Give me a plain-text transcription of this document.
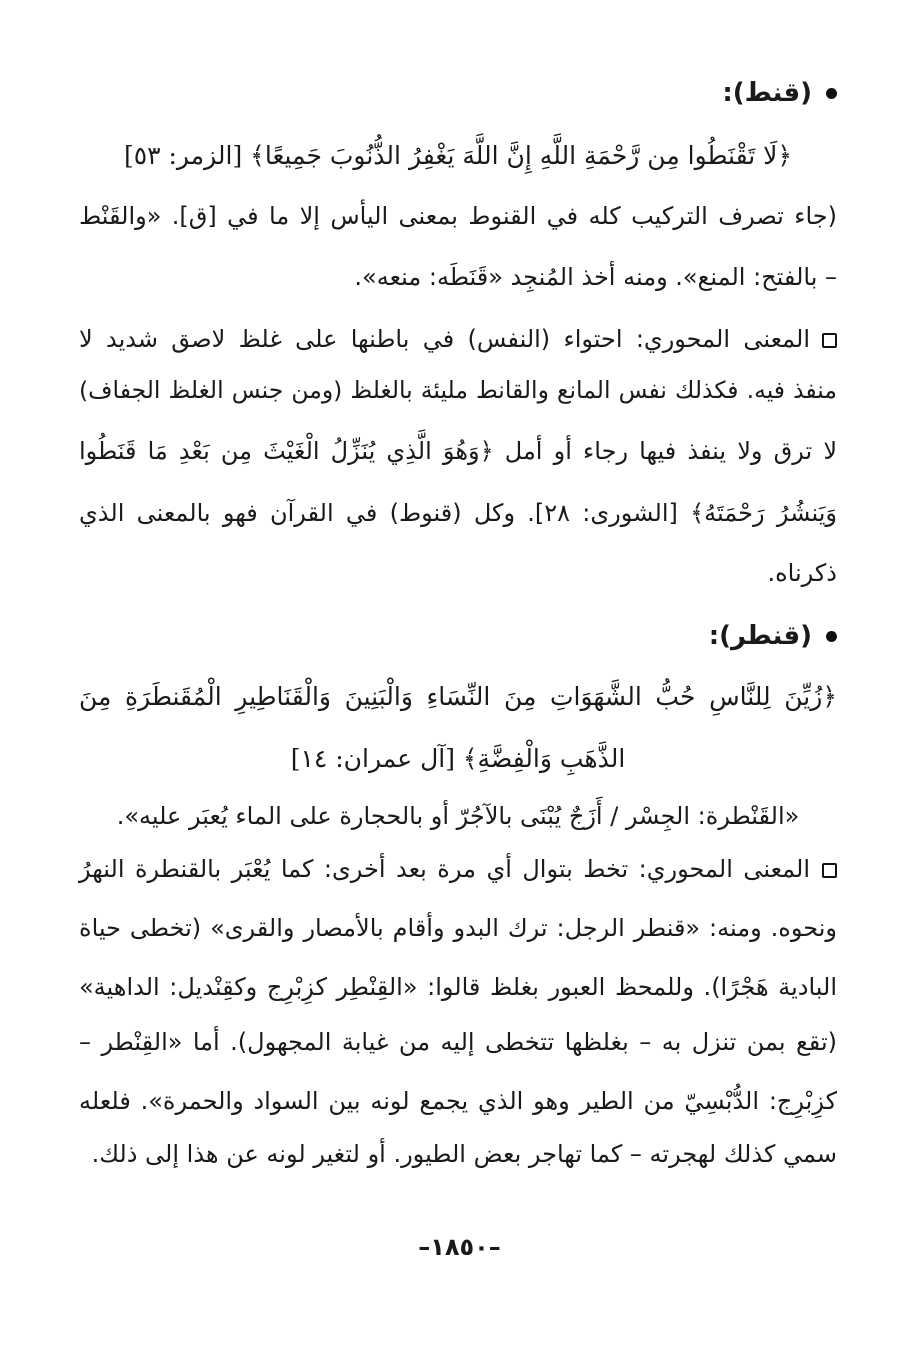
(قنط):
﴿لَا تَقْنَطُوا مِن رَّحْمَةِ اللَّهِ إِنَّ اللَّهَ يَغْفِرُ الذُّنُوبَ جَمِيعًا﴾ [الزمر: ٥٣]
(جاء تصرف التركيب كله في القنوط بمعنى اليأس إلا ما في [ق]. «والقَنْط
– بالفتح: المنع». ومنه أخذ المُنجِد «قَنَطَه: منعه».
المعنى المحوري: احتواء (النفس) في باطنها على غلظ لاصق شديد لا
منفذ فيه. فكذلك نفس المانع والقانط مليئة بالغلظ (ومن جنس الغلظ الجفاف)
لا ترق ولا ينفذ فيها رجاء أو أمل ﴿وَهُوَ الَّذِي يُنَزِّلُ الْغَيْثَ مِن بَعْدِ مَا قَنَطُوا
وَيَنشُرُ رَحْمَتَهُ﴾ [الشورى: ٢٨]. وكل (قنوط) في القرآن فهو بالمعنى الذي
ذكرناه.
(قنطر):
﴿زُيِّنَ لِلنَّاسِ حُبُّ الشَّهَوَاتِ مِنَ النِّسَاءِ وَالْبَنِينَ وَالْقَنَاطِيرِ الْمُقَنطَرَةِ مِنَ
الذَّهَبِ وَالْفِضَّةِ﴾ [آل عمران: ١٤]
«القَنْطرة: الجِسْر / أَزَجٌ يُبْنَى بالآجُرّ أو بالحجارة على الماء يُعبَر عليه».
المعنى المحوري: تخط بتوال أي مرة بعد أخرى: كما يُعْبَر بالقنطرة النهرُ
ونحوه. ومنه: «قنطر الرجل: ترك البدو وأقام بالأمصار والقرى» (تخطى حياة
البادية هَجْرًا). وللمحظ العبور بغلظ قالوا: «القِنْطِر كزِبْرِج وكقِنْديل: الداهية»
(تقع بمن تنزل به – بغلظها تتخطى إليه من غيابة المجهول). أما «القِنْطر –
كزِبْرِج: الدُّبْسِيّ من الطير وهو الذي يجمع لونه بين السواد والحمرة». فلعله
سمي كذلك لهجرته – كما تهاجر بعض الطيور. أو لتغير لونه عن هذا إلى ذلك.
–١٨٥٠–
